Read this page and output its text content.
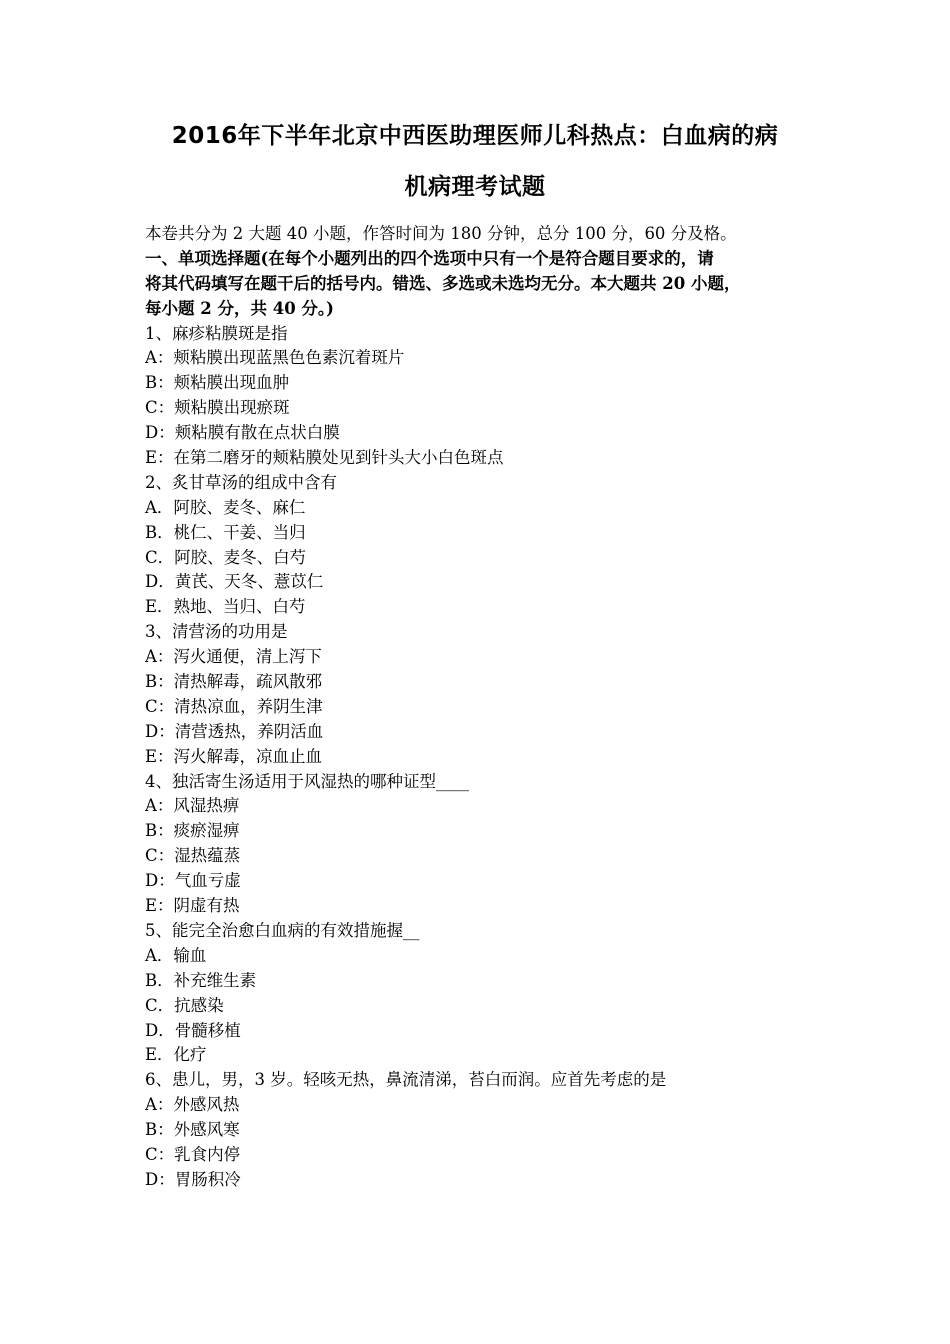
2016年下半年北京中西医助理医师儿科热点：白血病的病
机病理考试题
本卷共分为 2 大题 40 小题，作答时间为 180 分钟，总分 100 分，60 分及格。
一、单项选择题(在每个小题列出的四个选项中只有一个是符合题目要求的，请
将其代码填写在题干后的括号内。错选、多选或未选均无分。本大题共 20 小题，
每小题 2 分，共 40 分。)
1、麻疹粘膜斑是指
A：颊粘膜出现蓝黑色色素沉着斑片
B：颊粘膜出现血肿
C：颊粘膜出现瘀斑
D：颊粘膜有散在点状白膜
E：在第二磨牙的颊粘膜处见到针头大小白色斑点
2、炙甘草汤的组成中含有
A．阿胶、麦冬、麻仁
B．桃仁、干姜、当归
C．阿胶、麦冬、白芍
D．黄芪、天冬、薏苡仁
E．熟地、当归、白芍
3、清营汤的功用是
A：泻火通便，清上泻下
B：清热解毒，疏风散邪
C：清热凉血，养阴生津
D：清营透热，养阴活血
E：泻火解毒，凉血止血
4、独活寄生汤适用于风湿热的哪种证型____
A：风湿热痹
B：痰瘀湿痹
C：湿热蕴蒸
D：气血亏虚
E：阴虚有热
5、能完全治愈白血病的有效措施握__
A．输血
B．补充维生素
C．抗感染
D．骨髓移植
E．化疗
6、患儿，男，3 岁。轻咳无热，鼻流清涕，苔白而润。应首先考虑的是
A：外感风热
B：外感风寒
C：乳食内停
D：胃肠积冷
